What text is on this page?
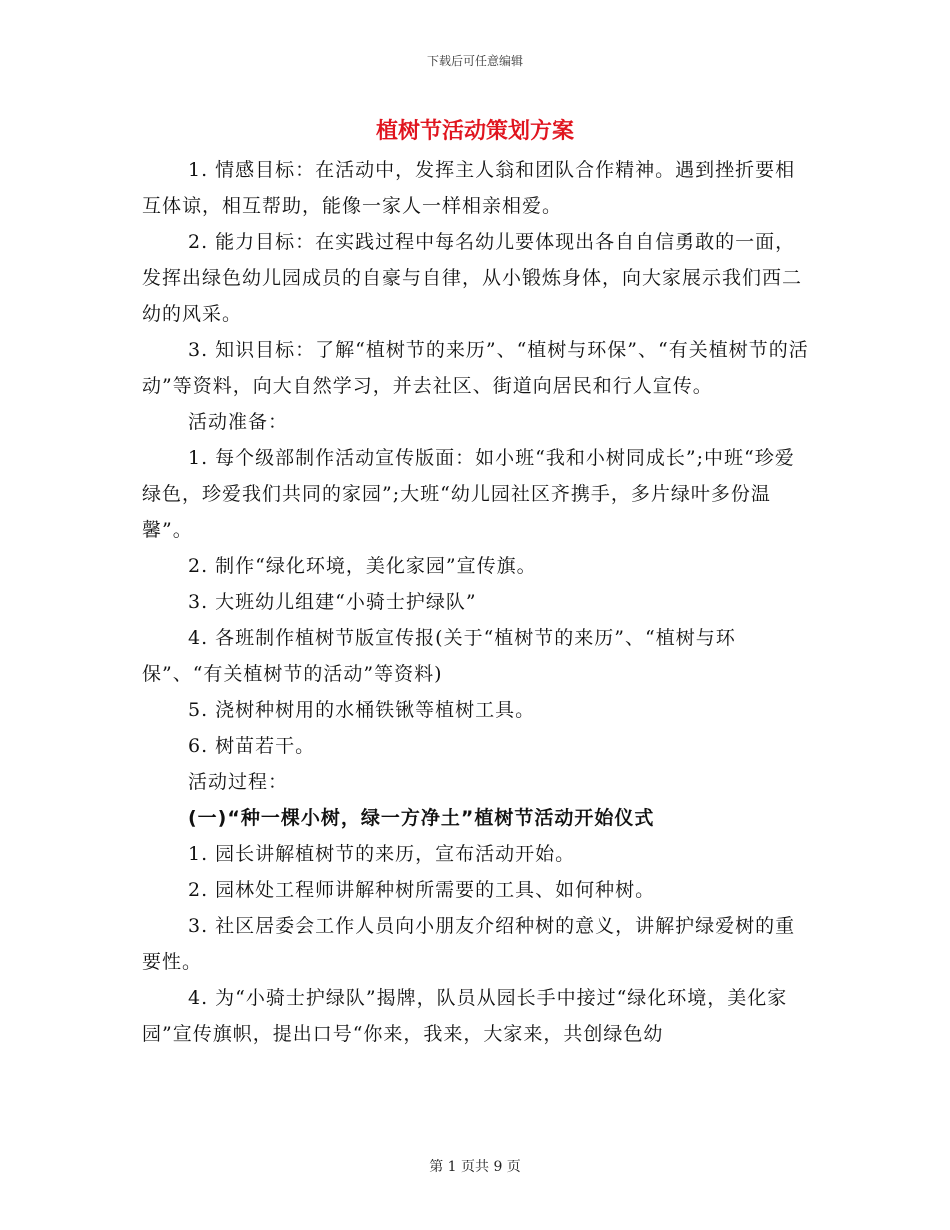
下载后可任意编辑
植树节活动策划方案

1. 情感目标：在活动中，发挥主人翁和团队合作精神。遇到挫折要相互体谅，相互帮助，能像一家人一样相亲相爱。

2. 能力目标：在实践过程中每名幼儿要体现出各自自信勇敢的一面，发挥出绿色幼儿园成员的自豪与自律，从小锻炼身体，向大家展示我们西二幼的风采。

3. 知识目标：了解“植树节的来历”、“植树与环保”、“有关植树节的活动”等资料，向大自然学习，并去社区、街道向居民和行人宣传。

活动准备：

1. 每个级部制作活动宣传版面：如小班“我和小树同成长”;中班“珍爱绿色，珍爱我们共同的家园”;大班“幼儿园社区齐携手，多片绿叶多份温馨”。

2. 制作“绿化环境，美化家园”宣传旗。

3. 大班幼儿组建“小骑士护绿队”

4. 各班制作植树节版宣传报(关于“植树节的来历”、“植树与环保”、“有关植树节的活动”等资料)

5. 浇树种树用的水桶铁锹等植树工具。

6. 树苗若干。

活动过程：

(一)“种一棵小树，绿一方净土”植树节活动开始仪式

1. 园长讲解植树节的来历，宣布活动开始。

2. 园林处工程师讲解种树所需要的工具、如何种树。

3. 社区居委会工作人员向小朋友介绍种树的意义，讲解护绿爱树的重要性。

4. 为“小骑士护绿队”揭牌，队员从园长手中接过“绿化环境，美化家园”宣传旗帜，提出口号“你来，我来，大家来，共创绿色幼

第 1 页共 9 页
